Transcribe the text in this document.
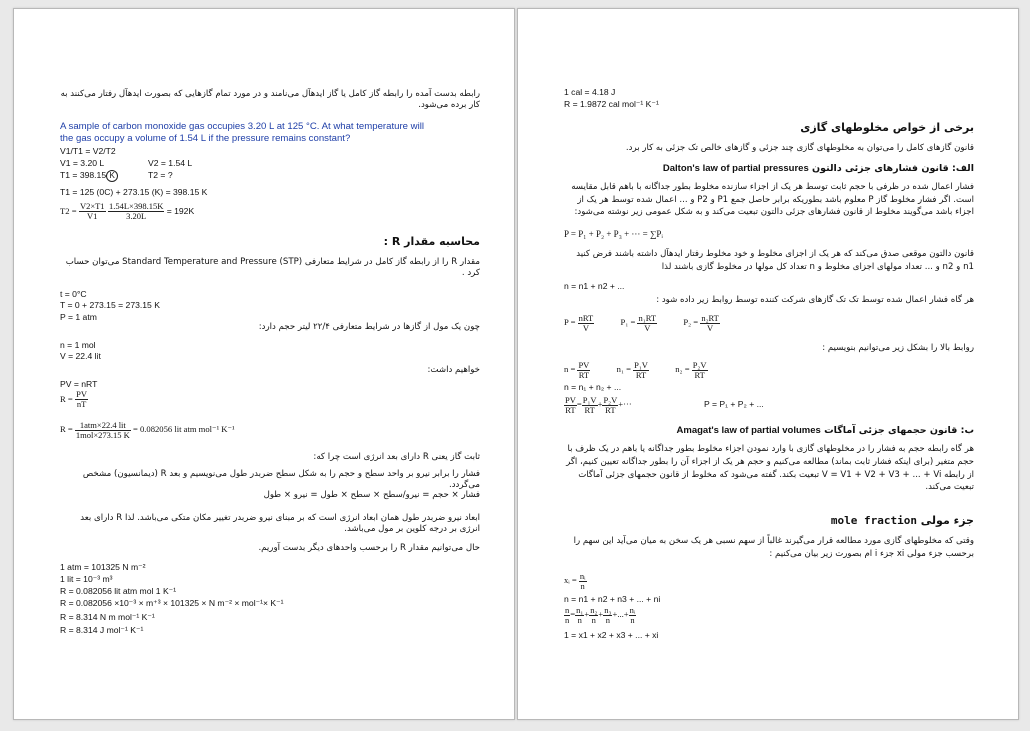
رابطه بدست آمده را رابطه گاز کامل یا گاز ایدهآل می‌نامند و در مورد تمام گازهایی که بصورت ایدهآل رفتار می‌کنند به کار برده می‌شود.
A sample of carbon monoxide gas occupies 3.20 L at 125 °C. At what temperature will
the gas occupy a volume of 1.54 L if the pressure remains constant?
V1/T1 = V2/T2
V1 = 3.20 L	V2 = 1.54 L
T1 = 398.15 K	T2 = ?
T1 = 125 (0C) + 273.15 (K) = 398.15 K
$T2 = \frac{V2\times T1}{V1}$
$\frac{1.54L\times 398.15K}{3.20L} = 192K$
محاسبه مقدار R :
مقدار R را از رابطه گاز کامل در شرایط متعارفی (STP) Standard Temperature and Pressure می‌توان حساب کرد .
t = 0°C
T = 0 + 273.15 = 273.15 K
P = 1 atm
چون یک مول از گازها در شرایط متعارفی ۲۲/۴ لیتر حجم دارد:
n = 1 mol
V = 22.4 lit
خواهیم داشت:
PV = nRT
$R = \frac{PV}{nT}$
$R = \frac{\text{1atm×22.4 lit}}{\text{1mol×273.15 K}} = 0.082056$ lit atm mol⁻¹ K⁻¹
ثابت گاز یعنی R دارای بعد انرژی است چرا که:
فشار را برابر نیرو بر واحد سطح و حجم را به شکل سطح ضربدر طول می‌نویسیم و بعد R (دیمانسیون) مشخص می‌گردد.
فشار × حجم = نیرو/سطح × سطح × طول = نیرو × طول
ابعاد نیرو ضربدر طول همان ابعاد انرژی است که بر مبنای نیرو ضربدر تغییر مکان متکی می‌باشد. لذا R دارای بعد انرژی بر درجه کلوین بر مول می‌باشد.
حال می‌توانیم مقدار R را برحسب واحدهای دیگر بدست آوریم.
1 atm = 101325 N m⁻²
1 lit = 10⁻³ m³
R = 0.082056 lit atm mol 1 K⁻¹
R = 0.082056 ×10⁻³ × m⁺³ × 101325 × N m⁻² × mol⁻¹× K⁻¹
R = 8.314 N m mol⁻¹ K⁻¹
R = 8.314 J mol⁻¹ K⁻¹
1 cal = 4.18 J
R = 1.9872 cal mol⁻¹ K⁻¹
برخی از خواص مخلوطهای گازی
قانون گازهای کامل را می‌توان به مخلوطهای گازی چند جزئی و گازهای خالص تک جزئی به کار برد.
الف: قانون فشارهای جزئی دالتون Dalton's law of partial pressures
فشار اعمال شده در ظرفی با حجم ثابت توسط هر یک از اجزاء سازنده مخلوط بطور جداگانه با باهم قابل مقایسه است. اگر فشار مخلوط گاز P معلوم باشد بطوریکه برابر حاصل جمع P1 و P2 و ... اعمال شده توسط هر یک از اجزاء باشد می‌گویند مخلوط از قانون فشارهای جزئی دالتون تبعیت می‌کند و به شکل عمومی زیر نوشته می‌شود:
P = P₁ + P₂ + P₃ + ··· = ∑Pᵢ
قانون دالتون موقعی صدق می‌کند که هر یک از اجزای مخلوط و خود مخلوط رفتار ایدهآل داشته باشند فرض کنید n1 و n2 و ... تعداد مولهای اجزای مخلوط و n تعداد کل مولها در مخلوط گازی باشند لذا
n = n1 + n2 + ...
هر گاه فشار اعمال شده توسط تک تک گازهای شرکت کننده توسط روابط زیر داده شود :
$P = \frac{\text{nRT}}{V}$	$P_1 = \frac{\text{n₁RT}}{V}$	$P_2 = \frac{\text{n₂RT}}{V}$
روابط بالا را بشکل زیر می‌توانیم بنویسیم :
$n = \frac{PV}{RT}$	$n_1 = \frac{\text{P₁V}}{RT}$	$n_2 = \frac{\text{P₂V}}{RT}$
n = n₁ + n₂ + ...
$\frac{PV}{RT} = \frac{\text{P₁V}}{RT} + \frac{\text{P₂V}}{RT}$ +···	P = P₁ + P₂ + ...
ب: قانون حجمهای جزئی آماگات Amagat's law of partial volumes
هر گاه رابطه حجم به فشار را در مخلوطهای گازی با وارد نمودن اجزاء مخلوط بطور جداگانه یا باهم در یک ظرف با حجم متغیر (برای اینکه فشار ثابت بماند) مطالعه می‌کنیم و حجم هر یک از اجزاء آن را بطور جداگانه تعیین کنیم، اگر از رابطه V = V1 + V2 + V3 + ... + Vi تبعیت بکند. گفته می‌شود که مخلوط از قانون حجمهای جزئی آماگات تبعیت می‌کند.
جزء مولی mole fraction
وقتی که مخلوطهای گازی مورد مطالعه قرار می‌گیرند غالباً از سهم نسبی هر یک سخن به میان می‌آید این سهم را برحسب جزء مولی xi جزء i ام بصورت زیر بیان می‌کنیم :
xᵢ = $\frac{\text{nᵢ}}{n}$
n = n1 + n2 + n3 + ... + ni
$\frac{n}{n} = \frac{\text{n₁}}{n} + \frac{\text{n₂}}{n} + \frac{\text{n₃}}{n}$ +...+ $\frac{\text{nᵢ}}{n}$
1 = x1 + x2 + x3 + ... + xi
